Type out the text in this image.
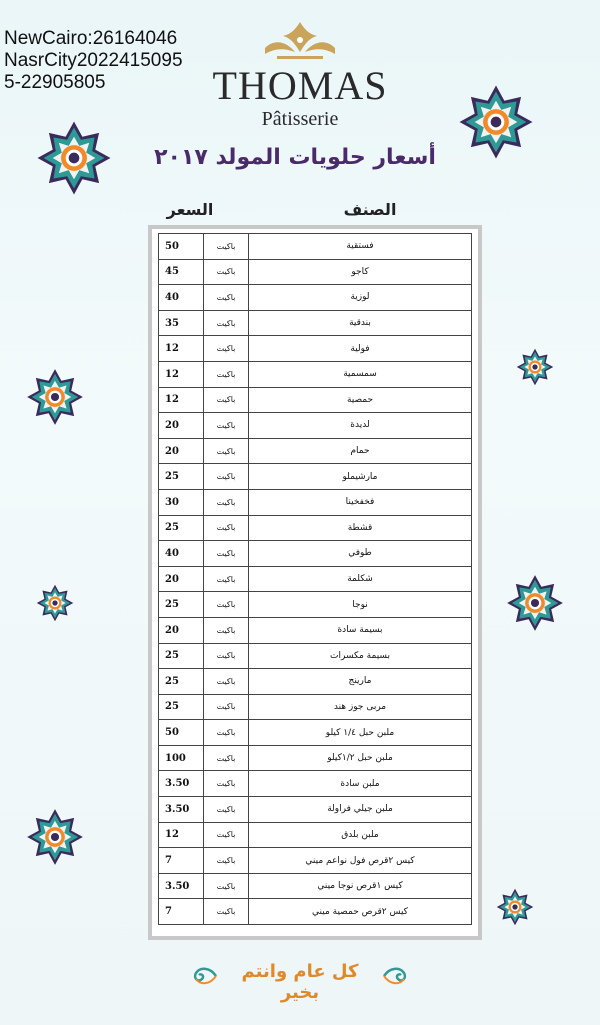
NewCairo:26164046
NasrCity2022415095
5-22905805	THOMAS
Pâtisserie
أسعار حلويات المولد ٢٠١٧
الصنف
السعر
50	باكيت	فستقية
45	باكيت	كاجو
40	باكيت	لوزية
35	باكيت	بندقية
12	باكيت	فولية
12	باكيت	سمسمية
12	باكيت	حمصية
20	باكيت	لديدة
20	باكيت	حمام
25	باكيت	مارشيملو
30	باكيت	فخفخينا
25	باكيت	قشطة
40	باكيت	طوفي
20	باكيت	شكلمة
25	باكيت	نوجا
20	باكيت	بسيمة سادة
25	باكيت	بسيمة مكسرات
25	باكيت	مارينج
25	باكيت	مربى جوز هند
50	باكيت	ملبن حبل ١/٤ كيلو
100	باكيت	ملبن حبل ١/٢كيلو
3.50	باكيت	ملبن سادة
3.50	باكيت	ملبن جيلي فراولة
12	باكيت	ملبن بلدق
7	باكيت	كيس ٢قرص فول نواعم ميني
3.50	باكيت	كيس ١قرص نوجا ميني
7	باكيت	كيس ٢قرص حمصية ميني
كل عام وانتم بخير
